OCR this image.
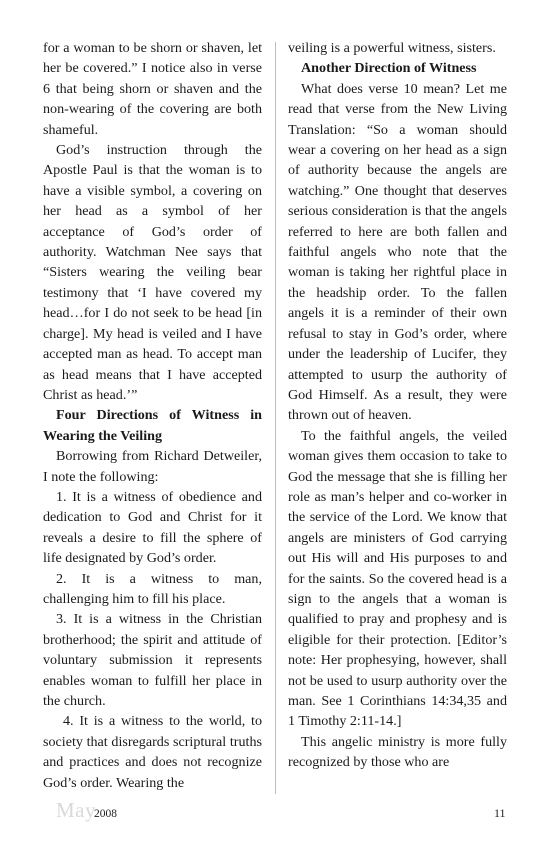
for a woman to be shorn or shaven, let her be covered.” I notice also in verse 6 that being shorn or shaven and the non-wearing of the covering are both shameful.

God’s instruction through the Apostle Paul is that the woman is to have a visible symbol, a covering on her head as a symbol of her acceptance of God’s order of authority. Watchman Nee says that “Sisters wearing the veiling bear testimony that ‘I have covered my head…for I do not seek to be head [in charge]. My head is veiled and I have accepted man as head. To accept man as head means that I have accepted Christ as head.’”

Four Directions of Witness in Wearing the Veiling

Borrowing from Richard Detweiler, I note the following:

1. It is a witness of obedience and dedication to God and Christ for it reveals a desire to fill the sphere of life designated by God’s order.

2. It is a witness to man, challenging him to fill his place.

3. It is a witness in the Christian brotherhood; the spirit and attitude of voluntary submission it represents enables woman to fulfill her place in the church.

4. It is a witness to the world, to society that disregards scriptural truths and practices and does not recognize God’s order. Wearing the

veiling is a powerful witness, sisters.

Another Direction of Witness

What does verse 10 mean? Let me read that verse from the New Living Translation: “So a woman should wear a covering on her head as a sign of authority because the angels are watching.” One thought that deserves serious consideration is that the angels referred to here are both fallen and faithful angels who note that the woman is taking her rightful place in the headship order. To the fallen angels it is a reminder of their own refusal to stay in God’s order, where under the leadership of Lucifer, they attempted to usurp the authority of God Himself. As a result, they were thrown out of heaven.

To the faithful angels, the veiled woman gives them occasion to take to God the message that she is filling her role as man’s helper and co-worker in the service of the Lord. We know that angels are ministers of God carrying out His will and His purposes to and for the saints. So the covered head is a sign to the angels that a woman is qualified to pray and prophesy and is eligible for their protection. [Editor’s note: Her prophesying, however, shall not be used to usurp authority over the man. See 1 Corinthians 14:34,35 and 1 Timothy 2:11-14.]

This angelic ministry is more fully recognized by those who are

May
2008	11
